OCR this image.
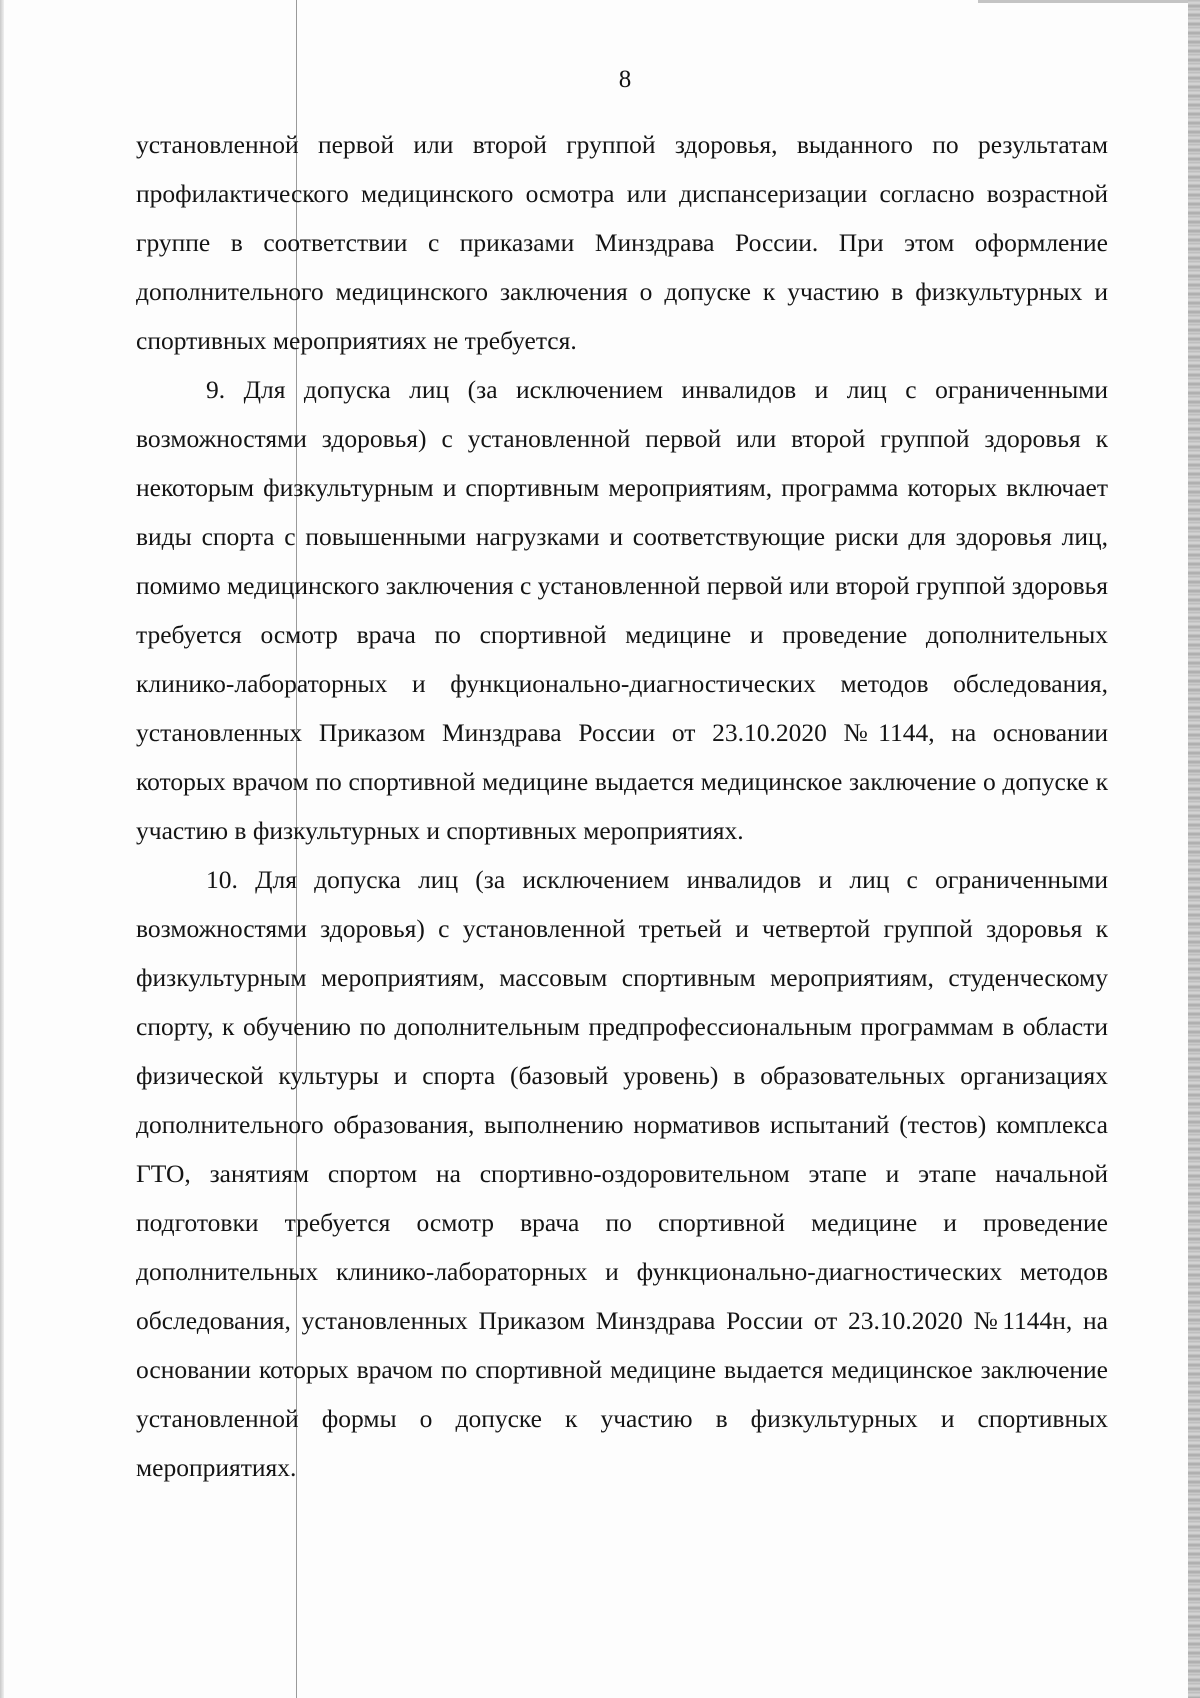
8

установленной первой или второй группой здоровья, выданного по результатам профилактического медицинского осмотра или диспансеризации согласно возрастной группе в соответствии с приказами Минздрава России. При этом оформление дополнительного медицинского заключения о допуске к участию в физкультурных и спортивных мероприятиях не требуется.

9. Для допуска лиц (за исключением инвалидов и лиц с ограниченными возможностями здоровья) с установленной первой или второй группой здоровья к некоторым физкультурным и спортивным мероприятиям, программа которых включает виды спорта с повышенными нагрузками и соответствующие риски для здоровья лиц, помимо медицинского заключения с установленной первой или второй группой здоровья требуется осмотр врача по спортивной медицине и проведение дополнительных клинико-лабораторных и функционально-диагностических методов обследования, установленных Приказом Минздрава России от 23.10.2020 №1144, на основании которых врачом по спортивной медицине выдается медицинское заключение о допуске к участию в физкультурных и спортивных мероприятиях.

10. Для допуска лиц (за исключением инвалидов и лиц с ограниченными возможностями здоровья) с установленной третьей и четвертой группой здоровья к физкультурным мероприятиям, массовым спортивным мероприятиям, студенческому спорту, к обучению по дополнительным предпрофессиональным программам в области физической культуры и спорта (базовый уровень) в образовательных организациях дополнительного образования, выполнению нормативов испытаний (тестов) комплекса ГТО, занятиям спортом на спортивно-оздоровительном этапе и этапе начальной подготовки требуется осмотр врача по спортивной медицине и проведение дополнительных клинико-лабораторных и функционально-диагностических методов обследования, установленных Приказом Минздрава России от 23.10.2020 №1144н, на основании которых врачом по спортивной медицине выдается медицинское заключение установленной формы о допуске к участию в физкультурных и спортивных мероприятиях.
